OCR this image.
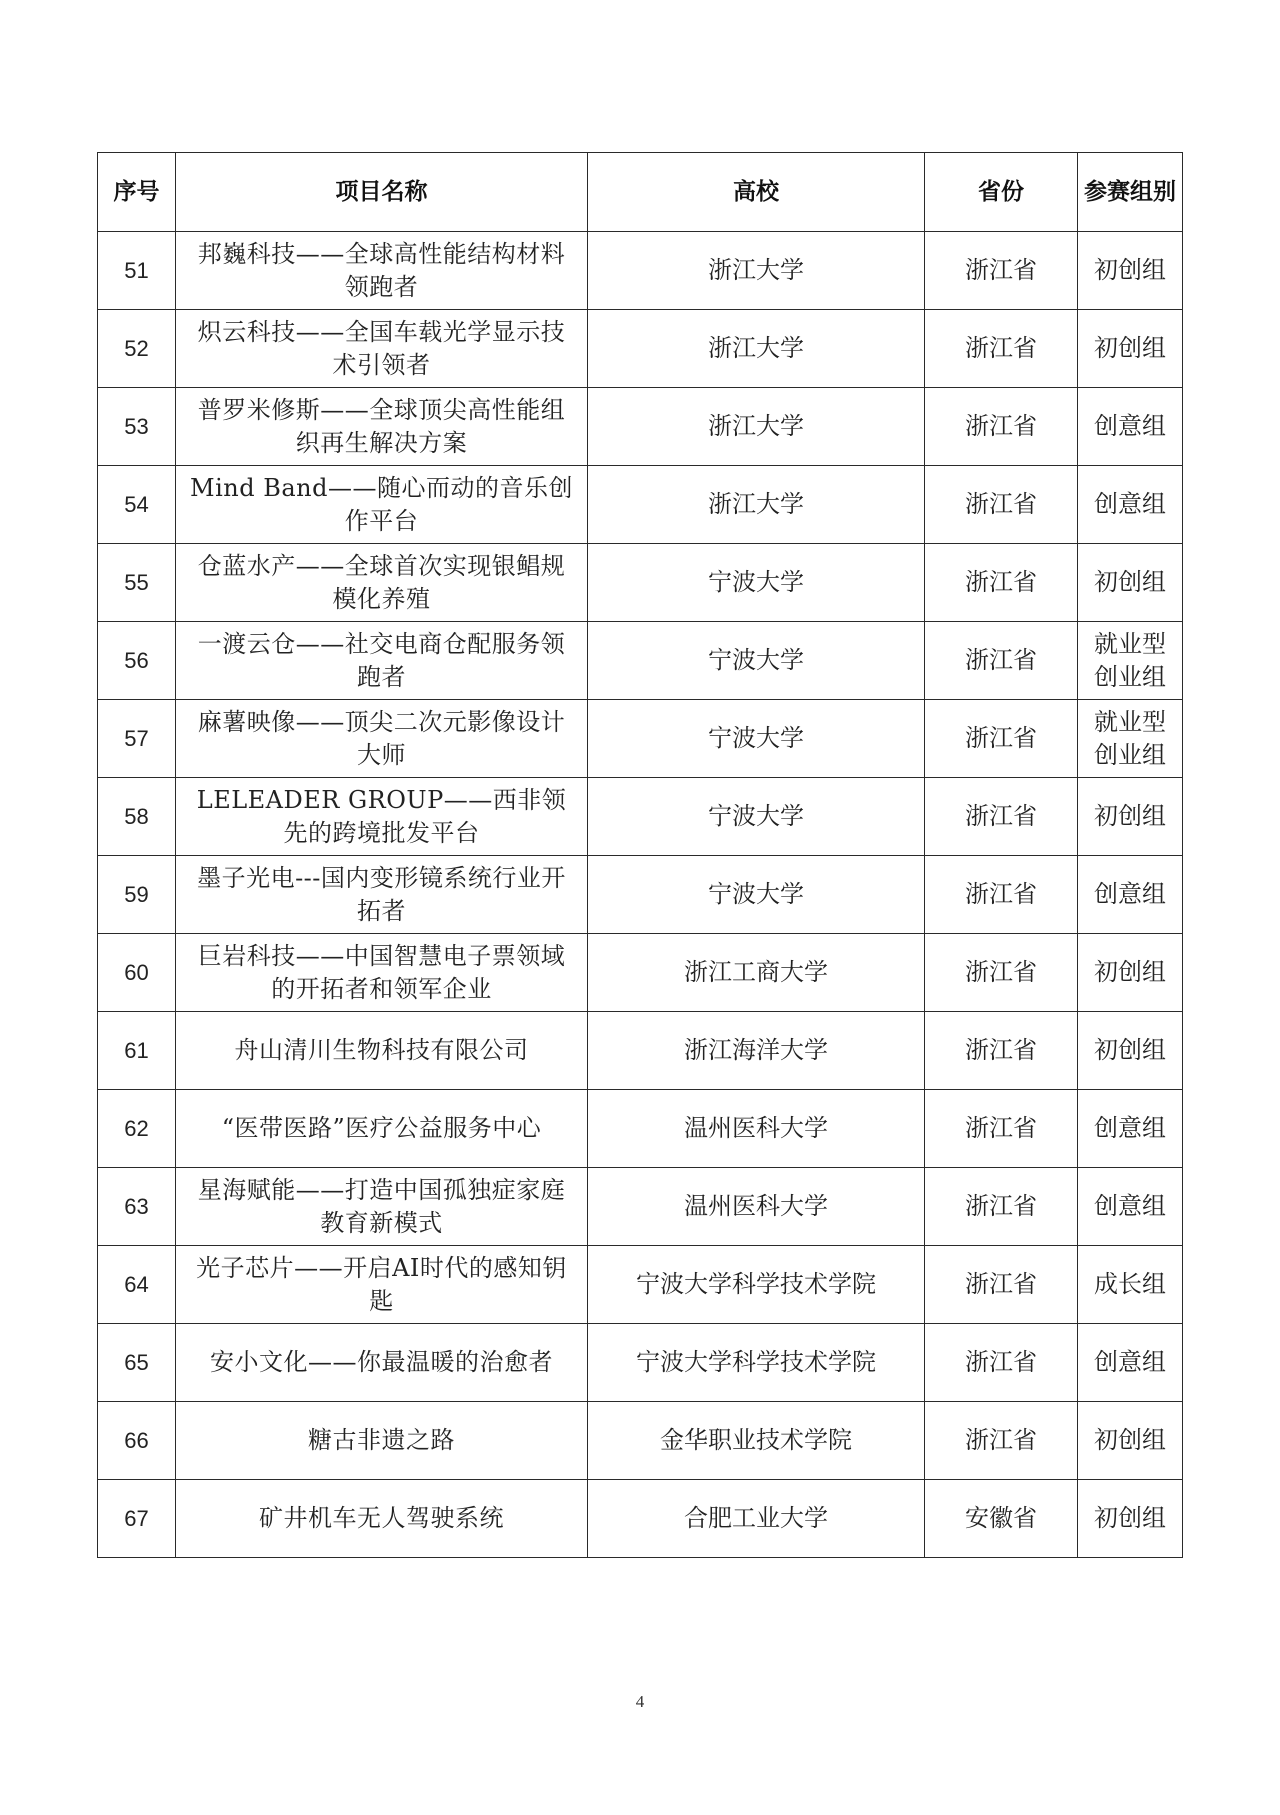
序号	项目名称	高校	省份	参赛组别
51	邦巍科技——全球高性能结构材料领跑者	浙江大学	浙江省	初创组
52	炽云科技——全国车载光学显示技术引领者	浙江大学	浙江省	初创组
53	普罗米修斯——全球顶尖高性能组织再生解决方案	浙江大学	浙江省	创意组
54	Mind Band——随心而动的音乐创作平台	浙江大学	浙江省	创意组
55	仓蓝水产——全球首次实现银鲳规模化养殖	宁波大学	浙江省	初创组
56	一渡云仓——社交电商仓配服务领跑者	宁波大学	浙江省	就业型创业组
57	麻薯映像——顶尖二次元影像设计大师	宁波大学	浙江省	就业型创业组
58	LELEADER GROUP——西非领先的跨境批发平台	宁波大学	浙江省	初创组
59	墨子光电---国内变形镜系统行业开拓者	宁波大学	浙江省	创意组
60	巨岩科技——中国智慧电子票领域的开拓者和领军企业	浙江工商大学	浙江省	初创组
61	舟山清川生物科技有限公司	浙江海洋大学	浙江省	初创组
62	“医带医路”医疗公益服务中心	温州医科大学	浙江省	创意组
63	星海赋能——打造中国孤独症家庭教育新模式	温州医科大学	浙江省	创意组
64	光子芯片——开启AI时代的感知钥匙	宁波大学科学技术学院	浙江省	成长组
65	安小文化——你最温暖的治愈者	宁波大学科学技术学院	浙江省	创意组
66	糖古非遗之路	金华职业技术学院	浙江省	初创组
67	矿井机车无人驾驶系统	合肥工业大学	安徽省	初创组
4
